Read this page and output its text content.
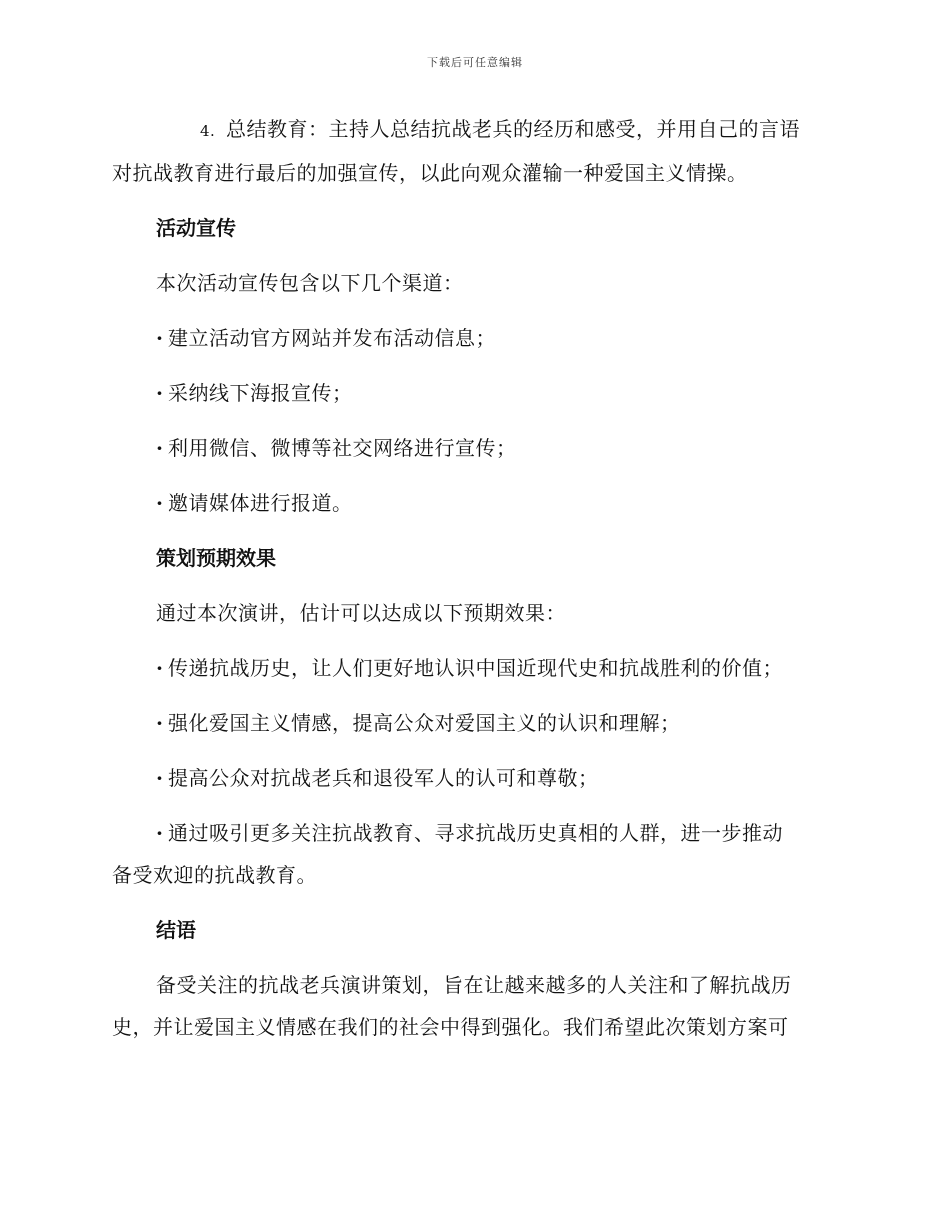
下载后可任意编辑

4. 总结教育：主持人总结抗战老兵的经历和感受，并用自己的言语

对抗战教育进行最后的加强宣传，以此向观众灌输一种爱国主义情操。

活动宣传
本次活动宣传包含以下几个渠道：
· 建立活动官方网站并发布活动信息；
· 采纳线下海报宣传；
· 利用微信、微博等社交网络进行宣传；
· 邀请媒体进行报道。
策划预期效果
通过本次演讲，估计可以达成以下预期效果：
· 传递抗战历史，让人们更好地认识中国近现代史和抗战胜利的价值；
· 强化爱国主义情感，提高公众对爱国主义的认识和理解；
· 提高公众对抗战老兵和退役军人的认可和尊敬；
· 通过吸引更多关注抗战教育、寻求抗战历史真相的人群，进一步推动
备受欢迎的抗战教育。
结语
备受关注的抗战老兵演讲策划，旨在让越来越多的人关注和了解抗战历
史，并让爱国主义情感在我们的社会中得到强化。我们希望此次策划方案可
